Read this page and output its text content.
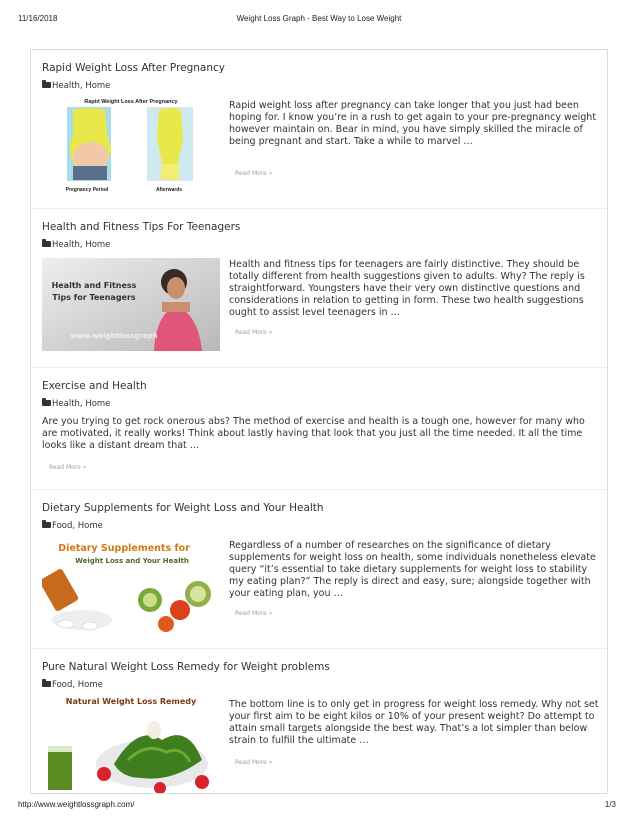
11/16/2018	Weight Loss Graph - Best Way to Lose Weight
Rapid Weight Loss After Pregnancy
Health, Home
Rapid Weight Loss After Pregnancy
Pregnancy Period	Afterwards
Rapid weight loss after pregnancy can take longer that you just had been hoping for. I know you’re in a rush to get again to your pre-pregnancy weight however maintain on. Bear in mind, you have simply skilled the miracle of being pregnant and start. Take a while to marvel …
Read More »
Health and Fitness Tips For Teenagers
Health, Home
Health and Fitness
Tips for Teenagers
www.weightlossgraph
Health and fitness tips for teenagers are fairly distinctive. They should be totally different from health suggestions given to adults. Why? The reply is straightforward. Youngsters have their very own distinctive questions and considerations in relation to getting in form. These two health suggestions ought to assist level teenagers in …
Read More »
Exercise and Health
Health, Home
Are you trying to get rock onerous abs? The method of exercise and health is a tough one, however for many who are motivated, it really works! Think about lastly having that look that you just all the time needed. It all the time looks like a distant dream that …
Read More »
Dietary Supplements for Weight Loss and Your Health
Food, Home
Dietary Supplements for
Weight Loss and Your Health
Regardless of a number of researches on the significance of dietary supplements for weight loss on health, some individuals nonetheless elevate query “it’s essential to take dietary supplements for weight loss to stability my eating plan?” The reply is direct and easy, sure; alongside together with your eating plan, you …
Read More »
Pure Natural Weight Loss Remedy for Weight problems
Food, Home
Natural Weight Loss Remedy	The bottom line is to only get in progress for weight loss remedy. Why not set your first aim to be eight kilos or 10% of your present weight? Do attempt to attain small targets alongside the best way. That’s a lot simpler than below strain to fulfill the ultimate …
Read More »
http://www.weightlossgraph.com/	1/3
